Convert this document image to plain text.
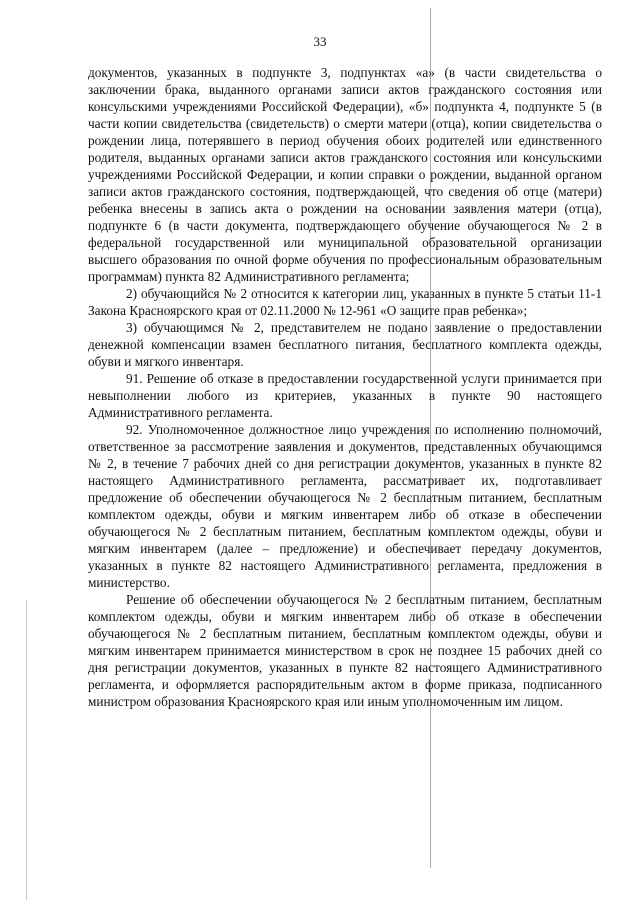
33

документов, указанных в подпункте 3, подпунктах «а» (в части свидетельства о заключении брака, выданного органами записи актов гражданского состояния или консульскими учреждениями Российской Федерации), «б» подпункта 4, подпункте 5 (в части копии свидетельства (свидетельств) о смерти матери (отца), копии свидетельства о рождении лица, потерявшего в период обучения обоих родителей или единственного родителя, выданных органами записи актов гражданского состояния или консульскими учреждениями Российской Федерации, и копии справки о рождении, выданной органом записи актов гражданского состояния, подтверждающей, что сведения об отце (матери) ребенка внесены в запись акта о рождении на основании заявления матери (отца), подпункте 6 (в части документа, подтверждающего обучение обучающегося № 2 в федеральной государственной или муниципальной образовательной организации высшего образования по очной форме обучения по профессиональным образовательным программам) пункта 82 Административного регламента;

2) обучающийся № 2 относится к категории лиц, указанных в пункте 5 статьи 11-1 Закона Красноярского края от 02.11.2000 № 12-961 «О защите прав ребенка»;

3) обучающимся № 2, представителем не подано заявление о предоставлении денежной компенсации взамен бесплатного питания, бесплатного комплекта одежды, обуви и мягкого инвентаря.

91. Решение об отказе в предоставлении государственной услуги принимается при невыполнении любого из критериев, указанных в пункте 90 настоящего Административного регламента.

92. Уполномоченное должностное лицо учреждения по исполнению полномочий, ответственное за рассмотрение заявления и документов, представленных обучающимся № 2, в течение 7 рабочих дней со дня регистрации документов, указанных в пункте 82 настоящего Административного регламента, рассматривает их, подготавливает предложение об обеспечении обучающегося № 2 бесплатным питанием, бесплатным комплектом одежды, обуви и мягким инвентарем либо об отказе в обеспечении обучающегося № 2 бесплатным питанием, бесплатным комплектом одежды, обуви и мягким инвентарем (далее – предложение) и обеспечивает передачу документов, указанных в пункте 82 настоящего Административного регламента, предложения в министерство.

Решение об обеспечении обучающегося № 2 бесплатным питанием, бесплатным комплектом одежды, обуви и мягким инвентарем либо об отказе в обеспечении обучающегося № 2 бесплатным питанием, бесплатным комплектом одежды, обуви и мягким инвентарем принимается министерством в срок не позднее 15 рабочих дней со дня регистрации документов, указанных в пункте 82 настоящего Административного регламента, и оформляется распорядительным актом в форме приказа, подписанного министром образования Красноярского края или иным уполномоченным им лицом.
